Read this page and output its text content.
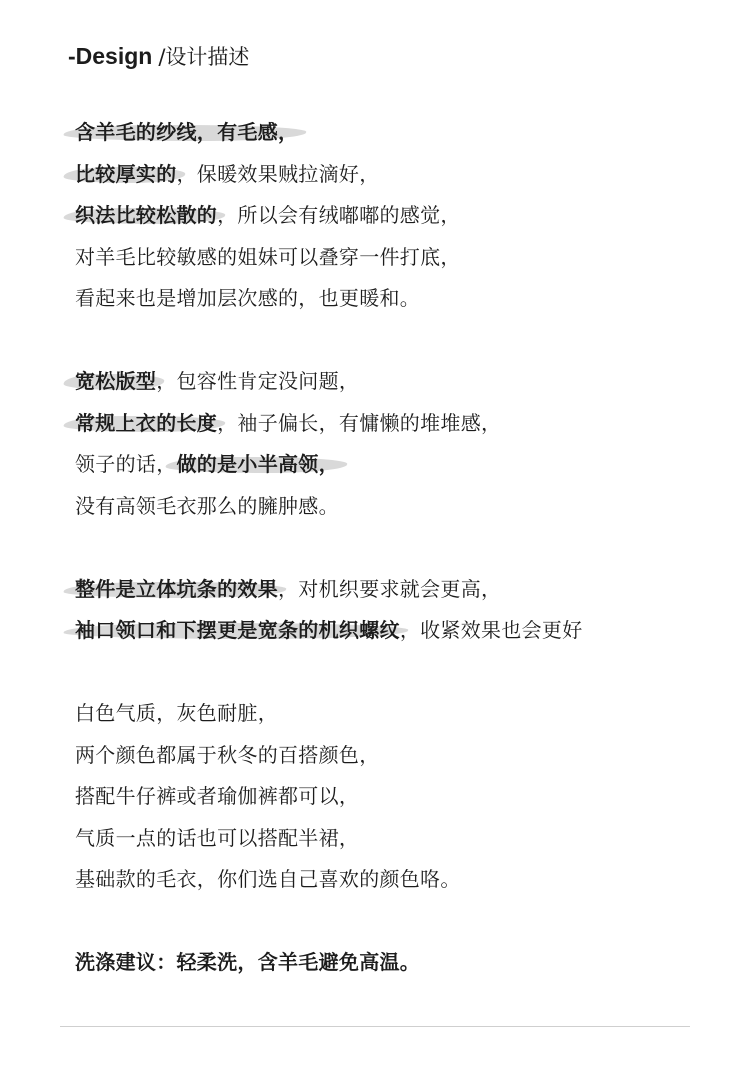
-Design /设计描述
含羊毛的纱线，有毛感，
比较厚实的，保暖效果贼拉滴好，
织法比较松散的，所以会有绒嘟嘟的感觉，
对羊毛比较敏感的姐妹可以叠穿一件打底，
看起来也是增加层次感的，也更暖和。
宽松版型，包容性肯定没问题，
常规上衣的长度，袖子偏长，有慵懒的堆堆感，
领子的话，做的是小半高领，
没有高领毛衣那么的臃肿感。
整件是立体坑条的效果，对机织要求就会更高，
袖口领口和下摆更是宽条的机织螺纹，收紧效果也会更好
白色气质，灰色耐脏，
两个颜色都属于秋冬的百搭颜色，
搭配牛仔裤或者瑜伽裤都可以，
气质一点的话也可以搭配半裙，
基础款的毛衣，你们选自己喜欢的颜色咯。
洗涤建议：轻柔洗，含羊毛避免高温。
